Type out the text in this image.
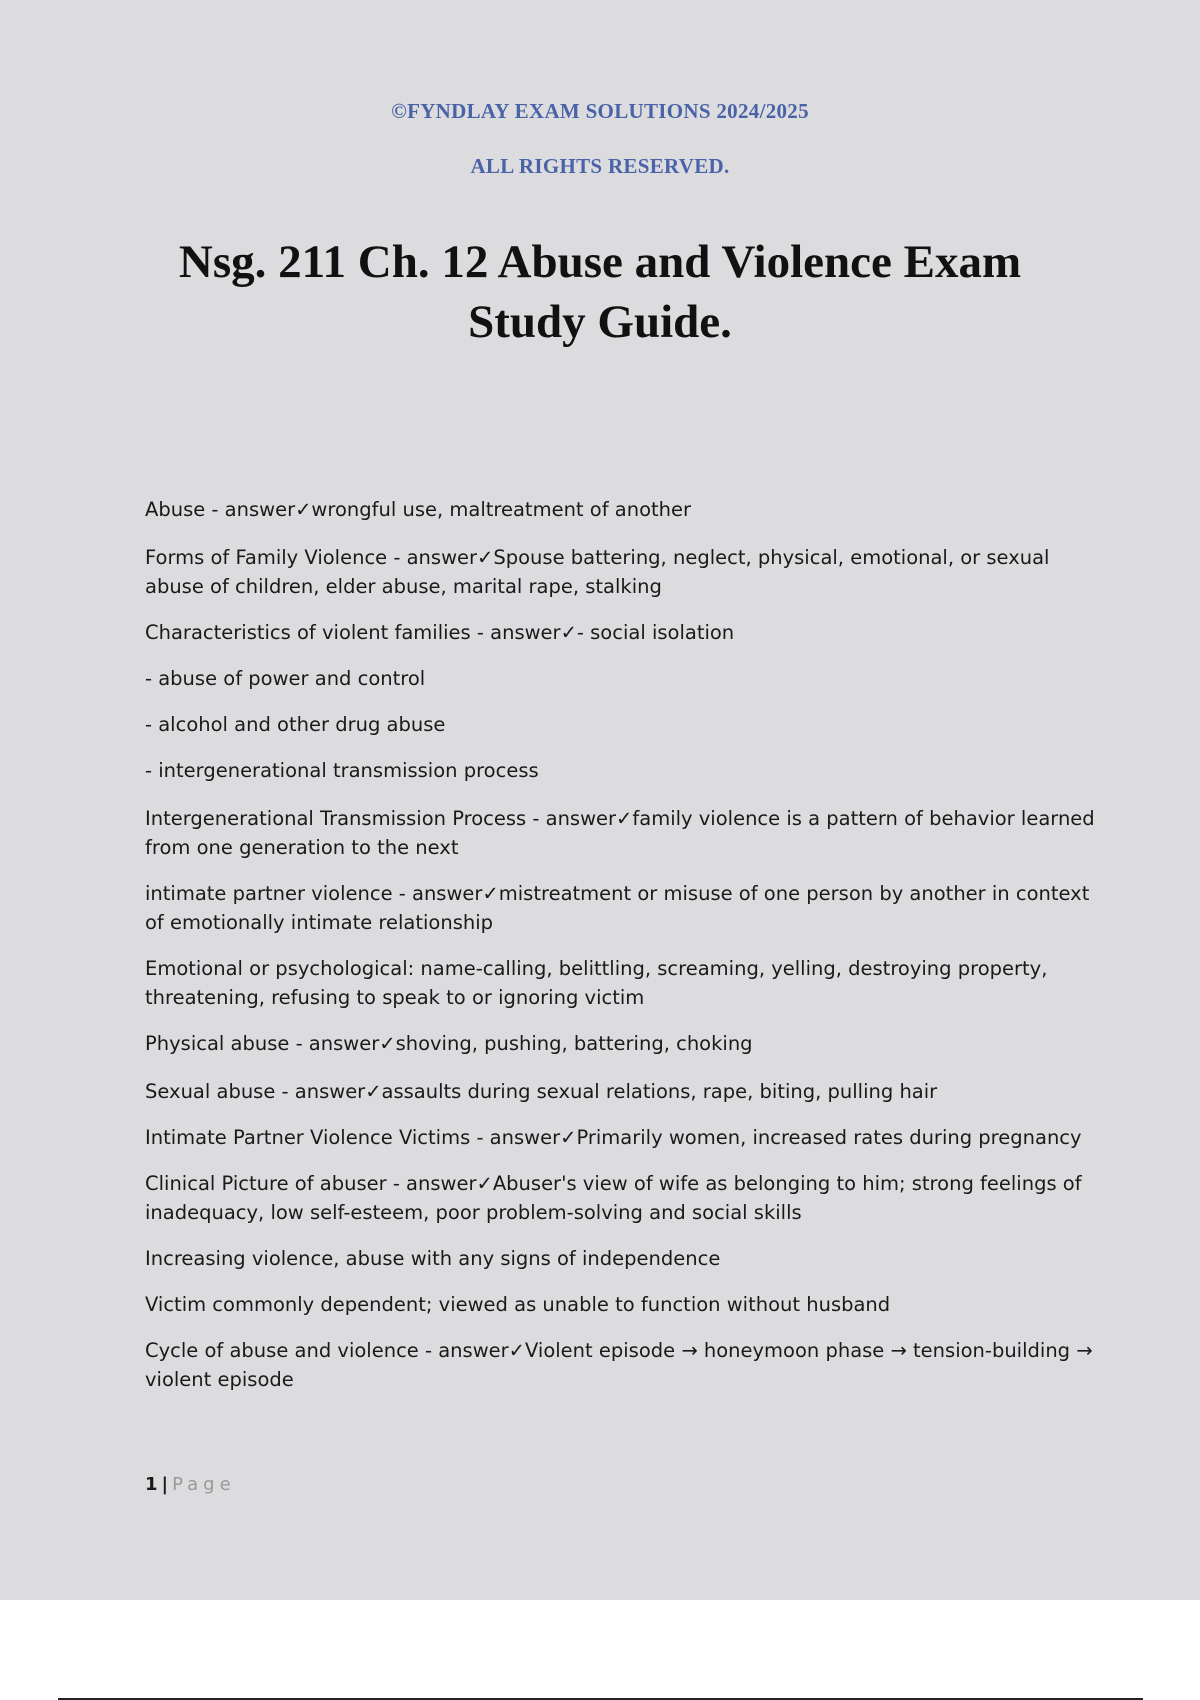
©FYNDLAY EXAM SOLUTIONS 2024/2025
ALL RIGHTS RESERVED.
Nsg. 211 Ch. 12 Abuse and Violence Exam
Study Guide.

Abuse - answer✓wrongful use, maltreatment of another

Forms of Family Violence - answer✓Spouse battering, neglect, physical, emotional, or sexual abuse of children, elder abuse, marital rape, stalking

Characteristics of violent families - answer✓- social isolation

- abuse of power and control

- alcohol and other drug abuse

- intergenerational transmission process

Intergenerational Transmission Process - answer✓family violence is a pattern of behavior learned from one generation to the next

intimate partner violence - answer✓mistreatment or misuse of one person by another in context of emotionally intimate relationship

Emotional or psychological: name-calling, belittling, screaming, yelling, destroying property, threatening, refusing to speak to or ignoring victim

Physical abuse - answer✓shoving, pushing, battering, choking

Sexual abuse - answer✓assaults during sexual relations, rape, biting, pulling hair

Intimate Partner Violence Victims - answer✓Primarily women, increased rates during pregnancy

Clinical Picture of abuser - answer✓Abuser's view of wife as belonging to him; strong feelings of inadequacy, low self-esteem, poor problem-solving and social skills

Increasing violence, abuse with any signs of independence

Victim commonly dependent; viewed as unable to function without husband

Cycle of abuse and violence - answer✓Violent episode → honeymoon phase → tension-building → violent episode

1 | Page
